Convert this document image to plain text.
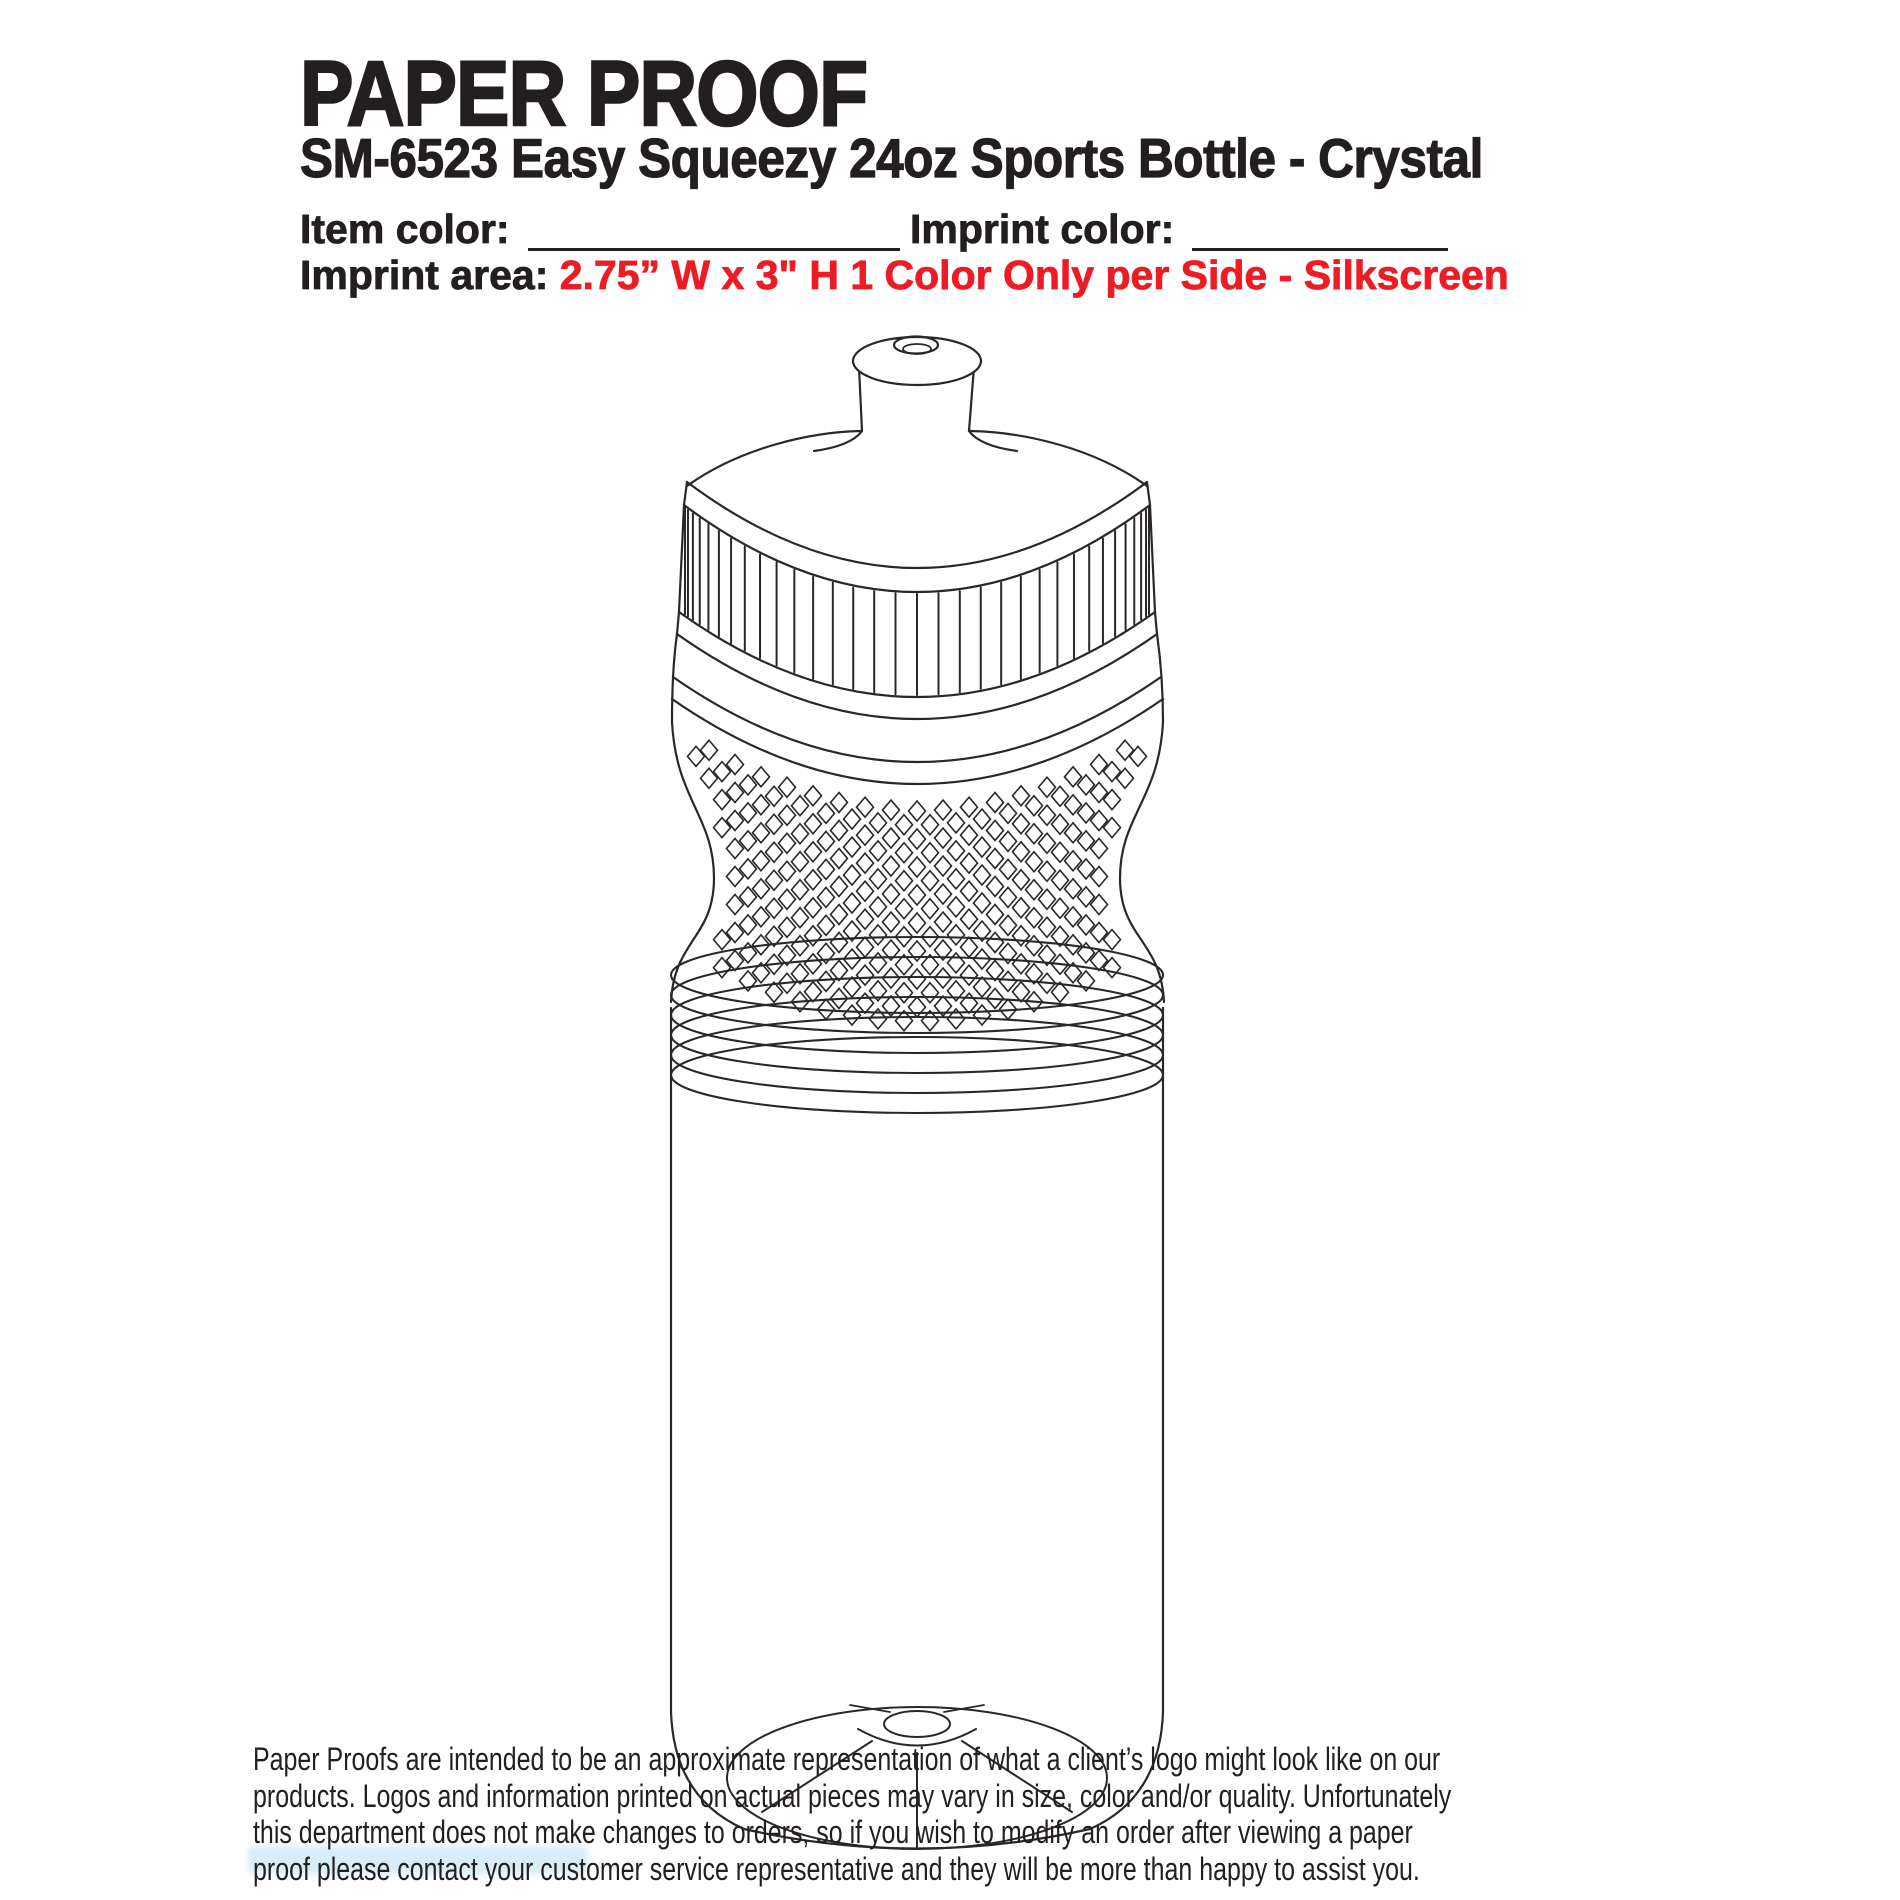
PAPER PROOF
SM-6523 Easy Squeezy 24oz Sports Bottle - Crystal
Item color:	Imprint color:
Imprint area: 2.75” W x 3" H 1 Color Only per Side - Silkscreen
Paper Proofs are intended to be an approximate representation of what a client’s logo might look like on our
products. Logos and information printed on actual pieces may vary in size, color and/or quality. Unfortunately
this department does not make changes to orders, so if you wish to modify an order after viewing a paper
proof please contact your customer service representative and they will be more than happy to assist you.
